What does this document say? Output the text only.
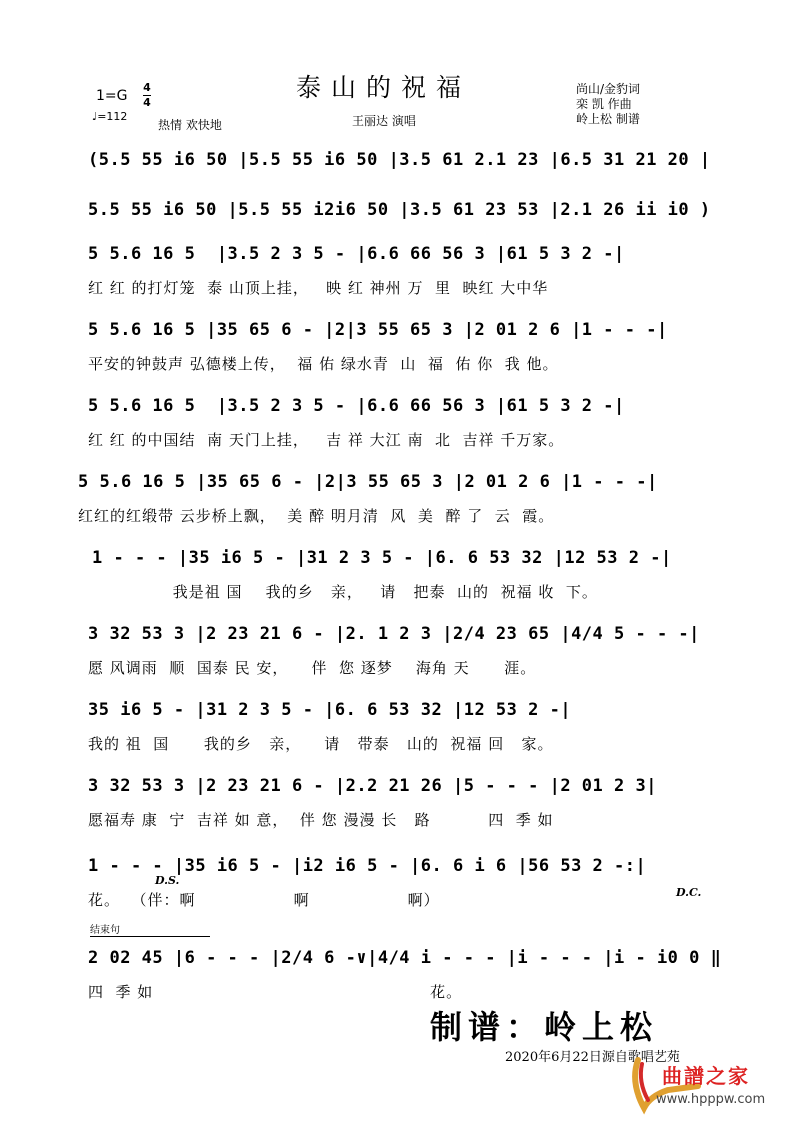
泰山的祝福	尚山/金豹词
栾 凯 作曲
岭上松 制谱
1=G
4
4
♩=112
热情 欢快地	王丽达 演唱
(5.5 55 i6 50 |5.5 55 i6 50 |3.5 61 2.1 23 |6.5 31 21 20 |
5.5 55 i6 50 |5.5 55 i2i6 50 |3.5 61 23 53 |2.1 26 ii i0 )
5 5.6 16 5  |3.5 2 3 5 - |6.6 66 56 3 |61 5 3 2 -|
红 红 的打灯笼  泰 山顶上挂，   映 红 神州 万  里  映红 大中华
5 5.6 16 5 |35 65 6 - |2|3 55 65 3 |2 01 2 6 |1 - - -|
平安的钟鼓声 弘德楼上传，  福 佑 绿水青  山  福  佑 你  我 他。
5 5.6 16 5  |3.5 2 3 5 - |6.6 66 56 3 |61 5 3 2 -|
红 红 的中国结  南 天门上挂，   吉 祥 大江 南  北  吉祥 千万家。
5 5.6 16 5 |35 65 6 - |2|3 55 65 3 |2 01 2 6 |1 - - -|
红红的红缎带 云步桥上飘，  美 醉 明月清  风  美  醉 了  云  霞。
1 - - - |35 i6 5 - |31 2 3 5 - |6. 6 53 32 |12 53 2 -|
我是祖 国    我的乡   亲，   请   把泰  山的  祝福 收  下。
3 32 53 3 |2 23 21 6 - |2. 1 2 3 |2/4 23 65 |4/4 5 - - -|
愿 风调雨  顺  国泰 民 安，    伴  您 逐梦    海角 天      涯。
35 i6 5 - |31 2 3 5 - |6. 6 53 32 |12 53 2 -|
我的 祖  国      我的乡   亲，    请   带泰   山的  祝福 回   家。
3 32 53 3 |2 23 21 6 - |2.2 21 26 |5 - - - |2 01 2 3|
愿福寿 康  宁  吉祥 如 意，  伴 您 漫漫 长   路          四  季 如
1 - - - |35 i6 5 - |i2 i6 5 - |6. 6 i 6 |56 53 2 -:|
花。  （伴：啊                 啊                 啊）
D.S.
D.C.
结束句
2 02 45 |6 - - - |2/4 6 -∨|4/4 i - - - |i - - - |i - i0 0 ‖
四  季 如                                                花。
制谱：岭上松
2020年6月22日源自歌唱艺苑
曲譜之家
www.hpppw.com
